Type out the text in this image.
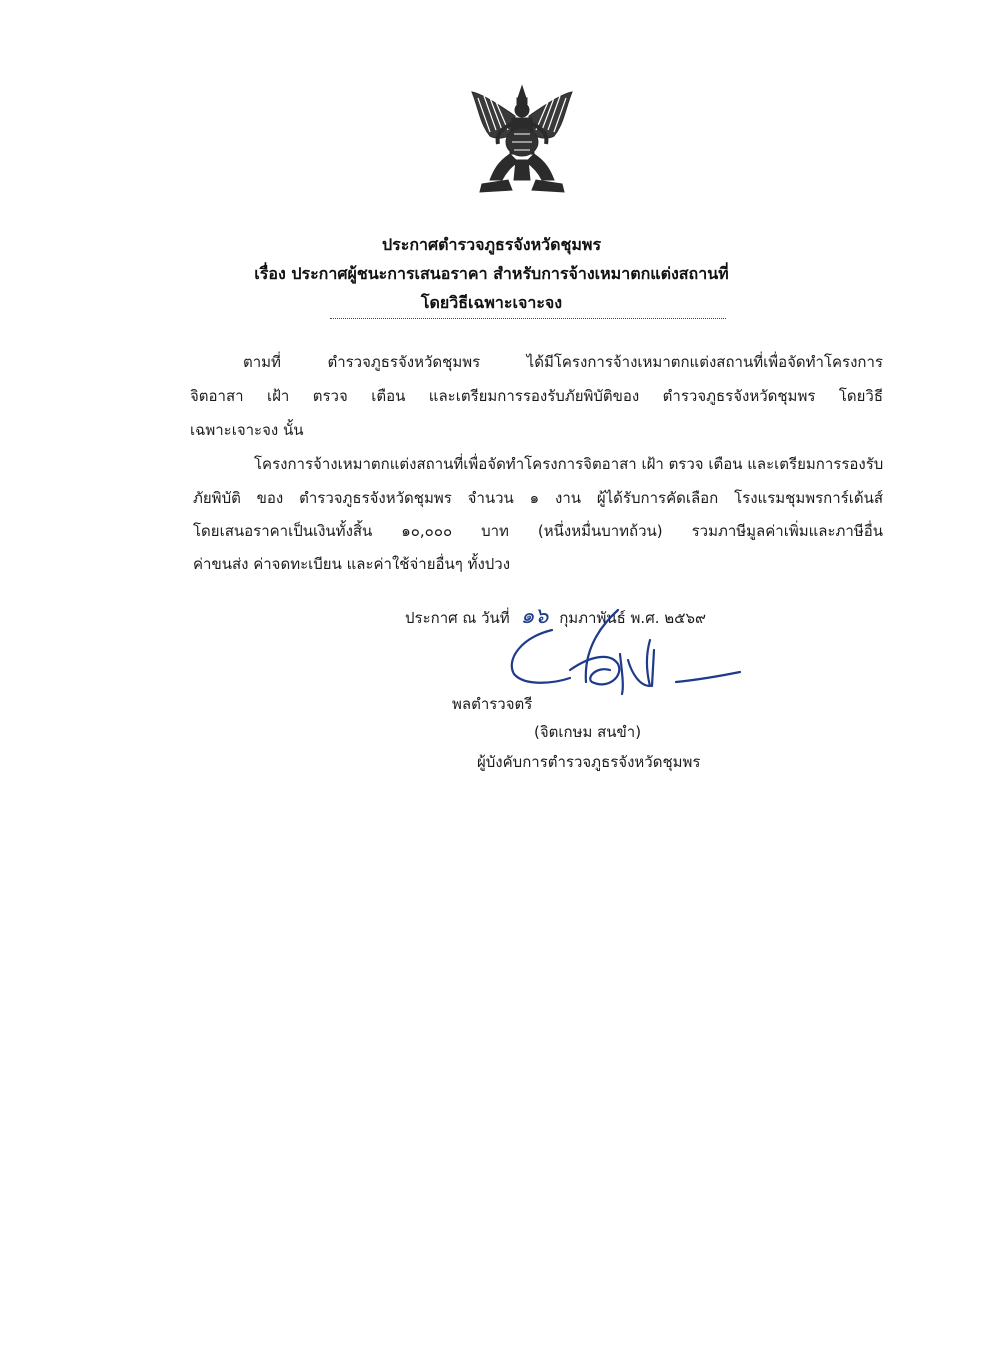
ประกาศตำรวจภูธรจังหวัดชุมพร
เรื่อง ประกาศผู้ชนะการเสนอราคา สำหรับการจ้างเหมาตกแต่งสถานที่
โดยวิธีเฉพาะเจาะจง
ตามที่ ตำรวจภูธรจังหวัดชุมพร ได้มีโครงการจ้างเหมาตกแต่งสถานที่เพื่อจัดทำโครงการ
จิตอาสา เฝ้า ตรวจ เตือน และเตรียมการรองรับภัยพิบัติของ ตำรวจภูธรจังหวัดชุมพร โดยวิธี
เฉพาะเจาะจง นั้น
โครงการจ้างเหมาตกแต่งสถานที่เพื่อจัดทำโครงการจิตอาสา เฝ้า ตรวจ เตือน และเตรียมการรองรับ
ภัยพิบัติ ของ ตำรวจภูธรจังหวัดชุมพร จำนวน ๑ งาน ผู้ได้รับการคัดเลือก โรงแรมชุมพรการ์เด้นส์
โดยเสนอราคาเป็นเงินทั้งสิ้น ๑๐,๐๐๐ บาท (หนึ่งหมื่นบาทถ้วน) รวมภาษีมูลค่าเพิ่มและภาษีอื่น
ค่าขนส่ง ค่าจดทะเบียน และค่าใช้จ่ายอื่นๆ ทั้งปวง
ประกาศ ณ วันที่ ๑๖ กุมภาพันธ์ พ.ศ. ๒๕๖๙
พลตำรวจตรี
(จิตเกษม สนขำ)
ผู้บังคับการตำรวจภูธรจังหวัดชุมพร
